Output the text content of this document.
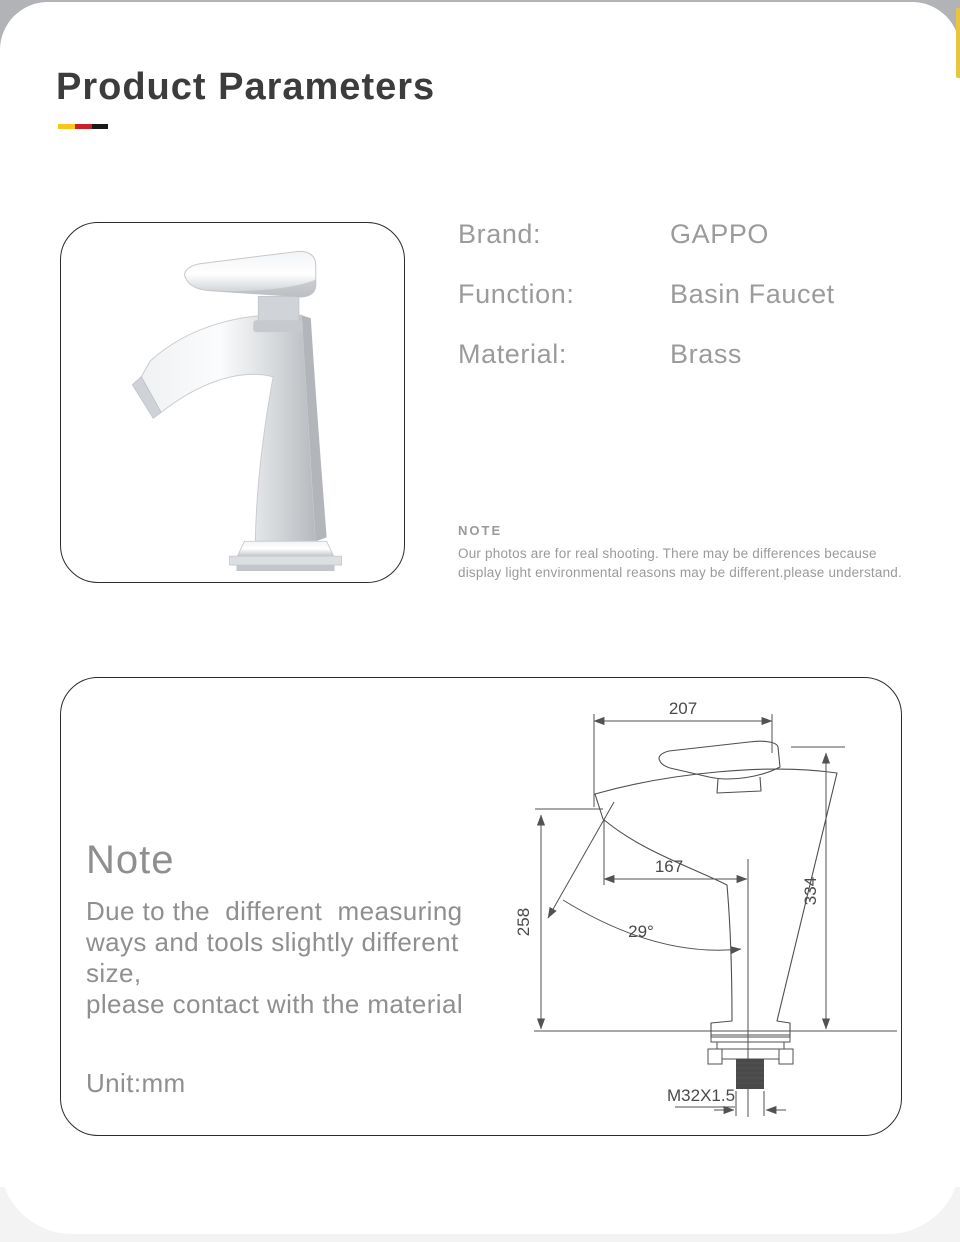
Product Parameters
Brand:	GAPPO
Function:	Basin Faucet
Material:	Brass
NOTE
Our photos are for real shooting. There may be differences because
display light environmental reasons may be different.please understand.
Note
Due to the  different  measuring
ways and tools slightly different
size,
please contact with the material
Unit:mm
207
334
258
167
29°
M32X1.5
